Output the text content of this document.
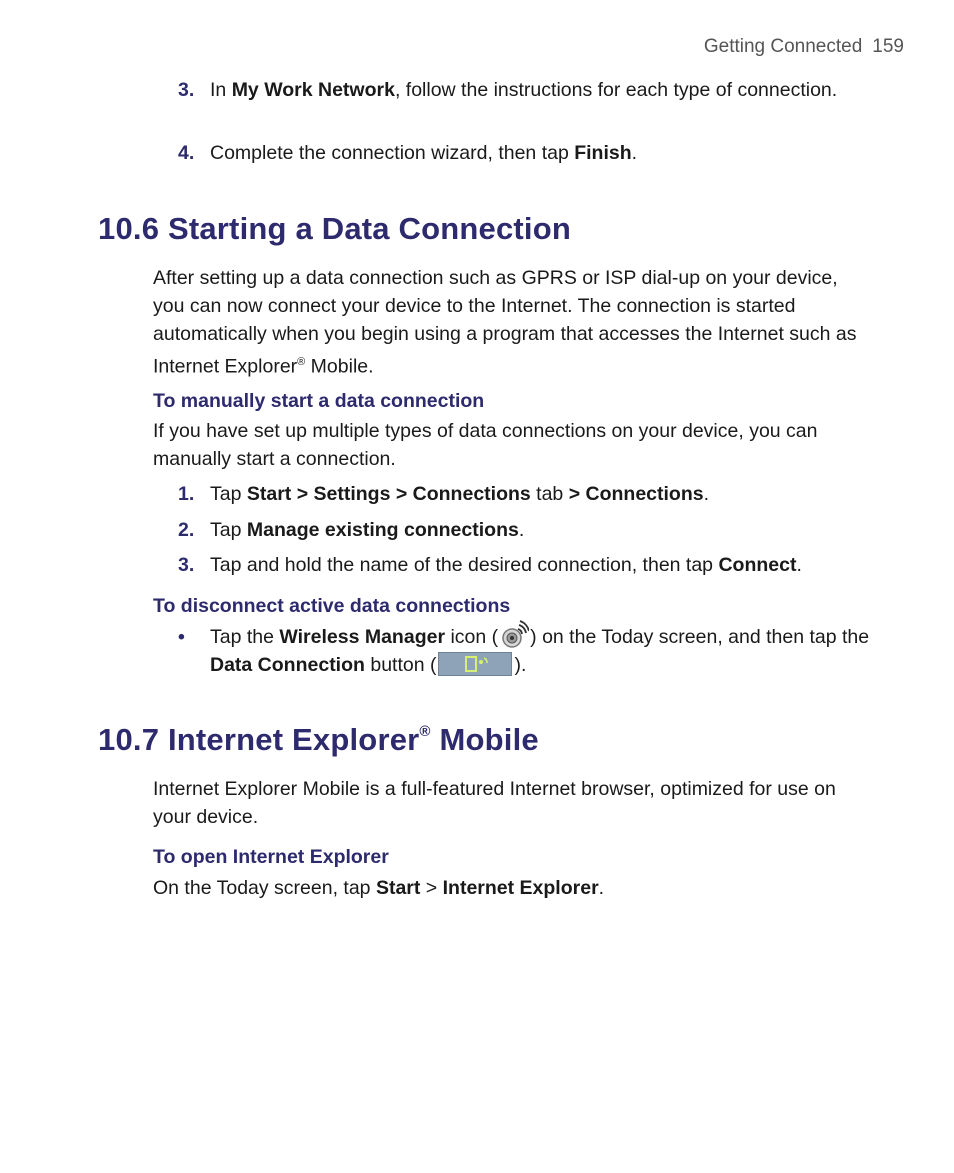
Getting Connected 159
3. In My Work Network, follow the instructions for each type of connection.
4. Complete the connection wizard, then tap Finish.
10.6 Starting a Data Connection
After setting up a data connection such as GPRS or ISP dial-up on your device, you can now connect your device to the Internet. The connection is started automatically when you begin using a program that accesses the Internet such as Internet Explorer® Mobile.
To manually start a data connection
If you have set up multiple types of data connections on your device, you can manually start a connection.
1. Tap Start > Settings > Connections tab > Connections.
2. Tap Manage existing connections.
3. Tap and hold the name of the desired connection, then tap Connect.
To disconnect active data connections
•	Tap the Wireless Manager icon ( ) on the Today screen, and then tap the Data Connection button (	).
10.7 Internet Explorer® Mobile
Internet Explorer Mobile is a full-featured Internet browser, optimized for use on your device.
To open Internet Explorer
On the Today screen, tap Start > Internet Explorer.
